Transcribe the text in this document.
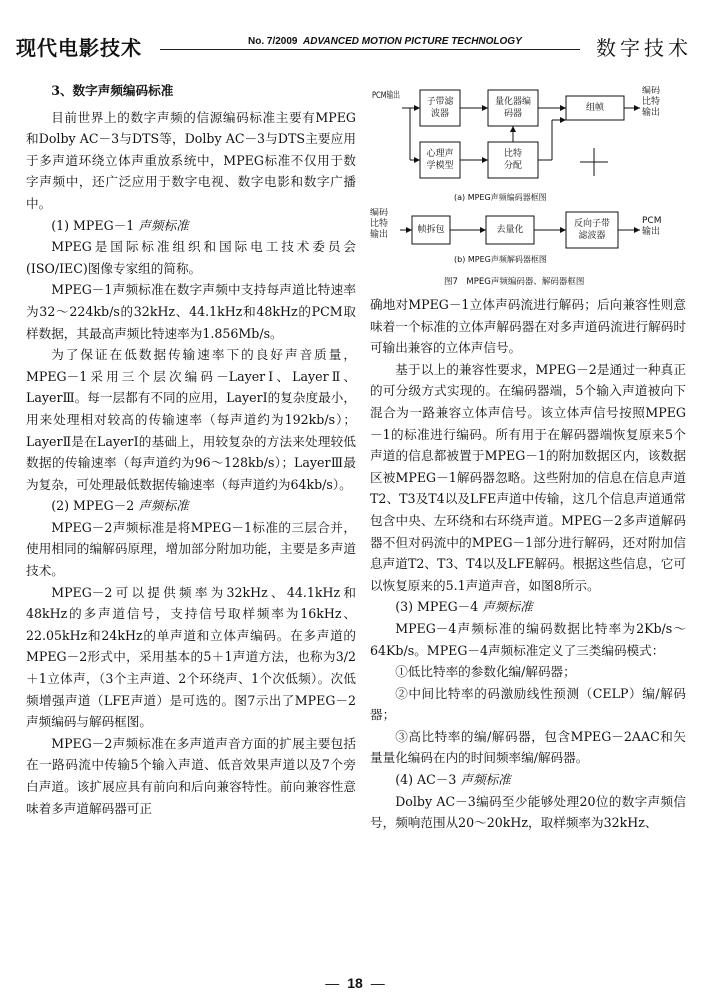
现代电影技术	No. 7/2009 ADVANCED MOTION PICTURE TECHNOLOGY	数字技术

3、数字声频编码标准

目前世界上的数字声频的信源编码标准主要有MPEG和Dolby AC－3与DTS等，Dolby AC－3与DTS主要应用于多声道环绕立体声重放系统中，MPEG标准不仅用于数字声频中，还广泛应用于数字电视、数字电影和数字广播中。

(1) MPEG－1 声频标准

MPEG是国际标准组织和国际电工技术委员会(ISO/IEC)图像专家组的简称。

MPEG－1声频标准在数字声频中支持每声道比特速率为32～224kb/s的32kHz、44.1kHz和48kHz的PCM取样数据，其最高声频比特速率为1.856Mb/s。

为了保证在低数据传输速率下的良好声音质量，MPEG－1采用三个层次编码－LayerⅠ、LayerⅡ、LayerⅢ。每一层都有不同的应用，LayerⅠ的复杂度最小，用来处理相对较高的传输速率（每声道约为192kb/s）；LayerⅡ是在LayerⅠ的基础上，用较复杂的方法来处理较低数据的传输速率（每声道约为96～128kb/s）；LayerⅢ最为复杂，可处理最低数据传输速率（每声道约为64kb/s）。

(2) MPEG－2 声频标准

MPEG－2声频标准是将MPEG－1标准的三层合并，使用相同的编解码原理，增加部分附加功能，主要是多声道技术。

MPEG－2可以提供频率为32kHz、44.1kHz和48kHz的多声道信号，支持信号取样频率为16kHz、22.05kHz和24kHz的单声道和立体声编码。在多声道的MPEG－2形式中，采用基本的5＋1声道方法，也称为3/2＋1立体声，（3个主声道、2个环绕声、1个次低频）。次低频增强声道（LFE声道）是可选的。图7示出了MPEG－2声频编码与解码框图。

MPEG－2声频标准在多声道声音方面的扩展主要包括在一路码流中传输5个输入声道、低音效果声道以及7个旁白声道。该扩展应具有前向和后向兼容特性。前向兼容性意味着多声道解码器可正

PCM输出
子带滤波器
量化器编码器
组帧
心理声学模型
比特分配
编码比特输出
(a) MPEG声频编码器框图
编码比特输出	帧拆包	去量化
反向子带滤波器
PCM输出
(b) MPEG声频解码器框图
图7　MPEG声频编码器、解码器框图

确地对MPEG－1立体声码流进行解码；后向兼容性则意味着一个标准的立体声解码器在对多声道码流进行解码时可输出兼容的立体声信号。

基于以上的兼容性要求，MPEG－2是通过一种真正的可分级方式实现的。在编码器端，5个输入声道被向下混合为一路兼容立体声信号。该立体声信号按照MPEG－1的标准进行编码。所有用于在解码器端恢复原来5个声道的信息都被置于MPEG－1的附加数据区内，该数据区被MPEG－1解码器忽略。这些附加的信息在信息声道T2、T3及T4以及LFE声道中传输，这几个信息声道通常包含中央、左环绕和右环绕声道。MPEG－2多声道解码器不但对码流中的MPEG－1部分进行解码，还对附加信息声道T2、T3、T4以及LFE解码。根据这些信息，它可以恢复原来的5.1声道声音，如图8所示。

(3) MPEG－4 声频标准

MPEG－4声频标准的编码数据比特率为2Kb/s～64Kb/s。MPEG－4声频标准定义了三类编码模式：

①低比特率的参数化编/解码器；

②中间比特率的码激励线性预测（CELP）编/解码器；

③高比特率的编/解码器，包含MPEG－2AAC和矢量量化编码在内的时间频率编/解码器。

(4) AC－3 声频标准

Dolby AC－3编码至少能够处理20位的数字声频信号，频响范围从20～20kHz，取样频率为32kHz、

— 18 —
